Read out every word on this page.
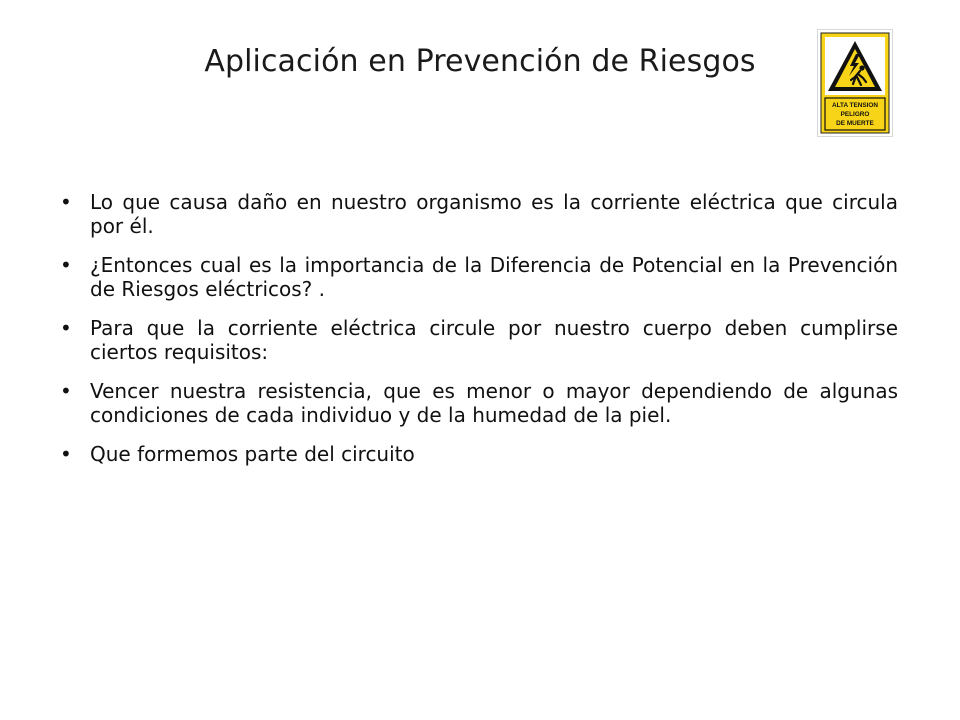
Aplicación en Prevención de Riesgos
ALTA TENSION
PELIGRO
DE MUERTE
• Lo que causa daño en nuestro organismo es la corriente eléctrica que circula por él.
• ¿Entonces cual es la importancia de la Diferencia de Potencial en la Prevención de Riesgos eléctricos? .
• Para que la corriente eléctrica circule por nuestro cuerpo deben cumplirse ciertos requisitos:
• Vencer nuestra resistencia, que es menor o mayor dependiendo de algunas condiciones de cada individuo y de la humedad de la piel.
• Que formemos parte del circuito
